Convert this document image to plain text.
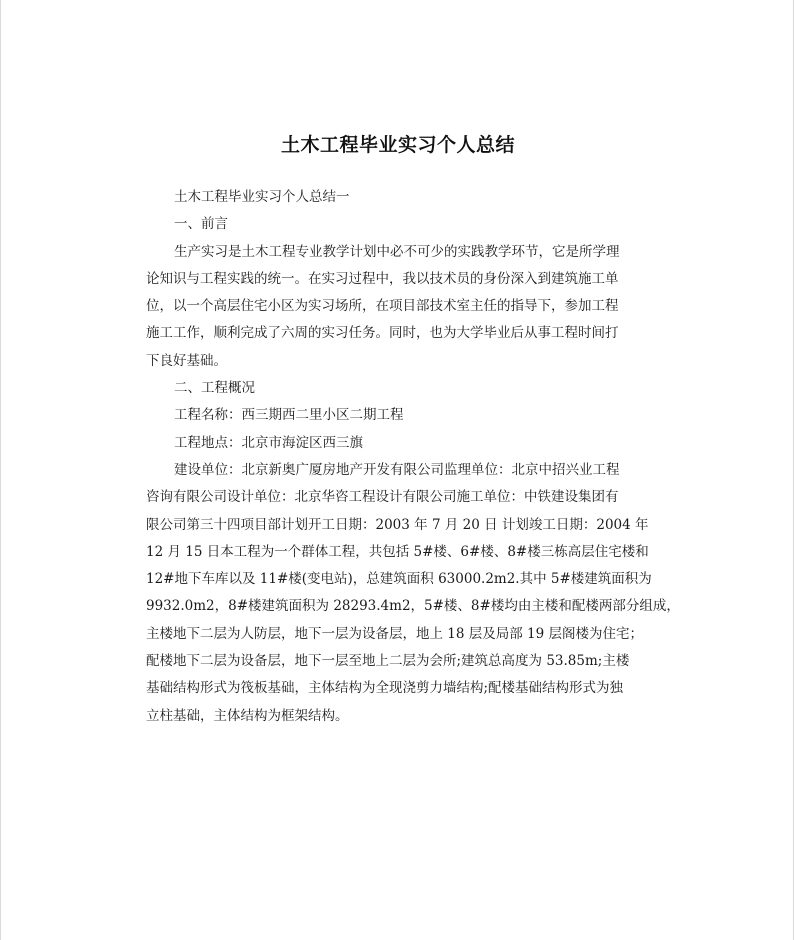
土木工程毕业实习个人总结

土木工程毕业实习个人总结一

一、前言

生产实习是土木工程专业教学计划中必不可少的实践教学环节，它是所学理

论知识与工程实践的统一。在实习过程中，我以技术员的身份深入到建筑施工单

位，以一个高层住宅小区为实习场所，在项目部技术室主任的指导下，参加工程

施工工作，顺利完成了六周的实习任务。同时，也为大学毕业后从事工程时间打

下良好基础。

二、工程概况

工程名称：西三期西二里小区二期工程

工程地点：北京市海淀区西三旗

建设单位：北京新奥广厦房地产开发有限公司监理单位：北京中招兴业工程

咨询有限公司设计单位：北京华咨工程设计有限公司施工单位：中铁建设集团有

限公司第三十四项目部计划开工日期：2003 年 7 月 20 日 计划竣工日期：2004 年

12 月 15 日本工程为一个群体工程，共包括 5#楼、6#楼、8#楼三栋高层住宅楼和

12#地下车库以及 11#楼(变电站)，总建筑面积 63000.2m2.其中 5#楼建筑面积为

9932.0m2，8#楼建筑面积为 28293.4m2，5#楼、8#楼均由主楼和配楼两部分组成，

主楼地下二层为人防层，地下一层为设备层，地上 18 层及局部 19 层阁楼为住宅；

配楼地下二层为设备层，地下一层至地上二层为会所;建筑总高度为 53.85m;主楼

基础结构形式为筏板基础，主体结构为全现浇剪力墙结构;配楼基础结构形式为独

立柱基础，主体结构为框架结构。
